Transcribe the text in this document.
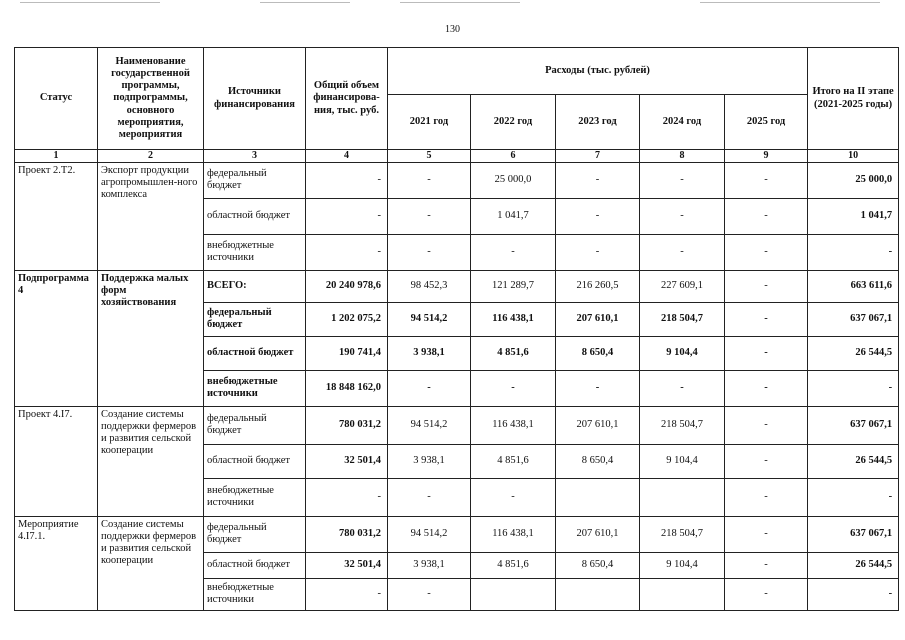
130
Статус	Наименование государственной программы, подпрограммы, основного мероприятия, мероприятия	Источники финансирования	Общий объем финансирова-ния, тыс. руб.	Расходы (тыс. рублей)					Итого на II этапе (2021-2025 годы)
				2021 год	2022 год	2023 год	2024 год	2025 год	
1	2	3	4	5	6	7	8	9	10
Проект 2.Т2.	Экспорт продукции агропромышлен-ного комплекса	федеральный бюджет	-	-	25 000,0	-	-	-	25 000,0
		областной бюджет	-	-	1 041,7	-	-	-	1 041,7
		внебюджетные источники	-	-	-	-	-	-	-
Подпрограмма 4	Поддержка малых форм хозяйствования	ВСЕГО:	20 240 978,6	98 452,3	121 289,7	216 260,5	227 609,1	-	663 611,6
		федеральный бюджет	1 202 075,2	94 514,2	116 438,1	207 610,1	218 504,7	-	637 067,1
		областной бюджет	190 741,4	3 938,1	4 851,6	8 650,4	9 104,4	-	26 544,5
		внебюджетные источники	18 848 162,0	-	-	-	-	-	-
Проект 4.I7.	Создание системы поддержки фермеров и развития сельской кооперации	федеральный бюджет	780 031,2	94 514,2	116 438,1	207 610,1	218 504,7	-	637 067,1
		областной бюджет	32 501,4	3 938,1	4 851,6	8 650,4	9 104,4	-	26 544,5
		внебюджетные источники	-	-	-			-	-
Мероприятие 4.I7.1.	Создание системы поддержки фермеров и развития сельской кооперации	федеральный бюджет	780 031,2	94 514,2	116 438,1	207 610,1	218 504,7	-	637 067,1
		областной бюджет	32 501,4	3 938,1	4 851,6	8 650,4	9 104,4	-	26 544,5
		внебюджетные источники	-	-				-	-
